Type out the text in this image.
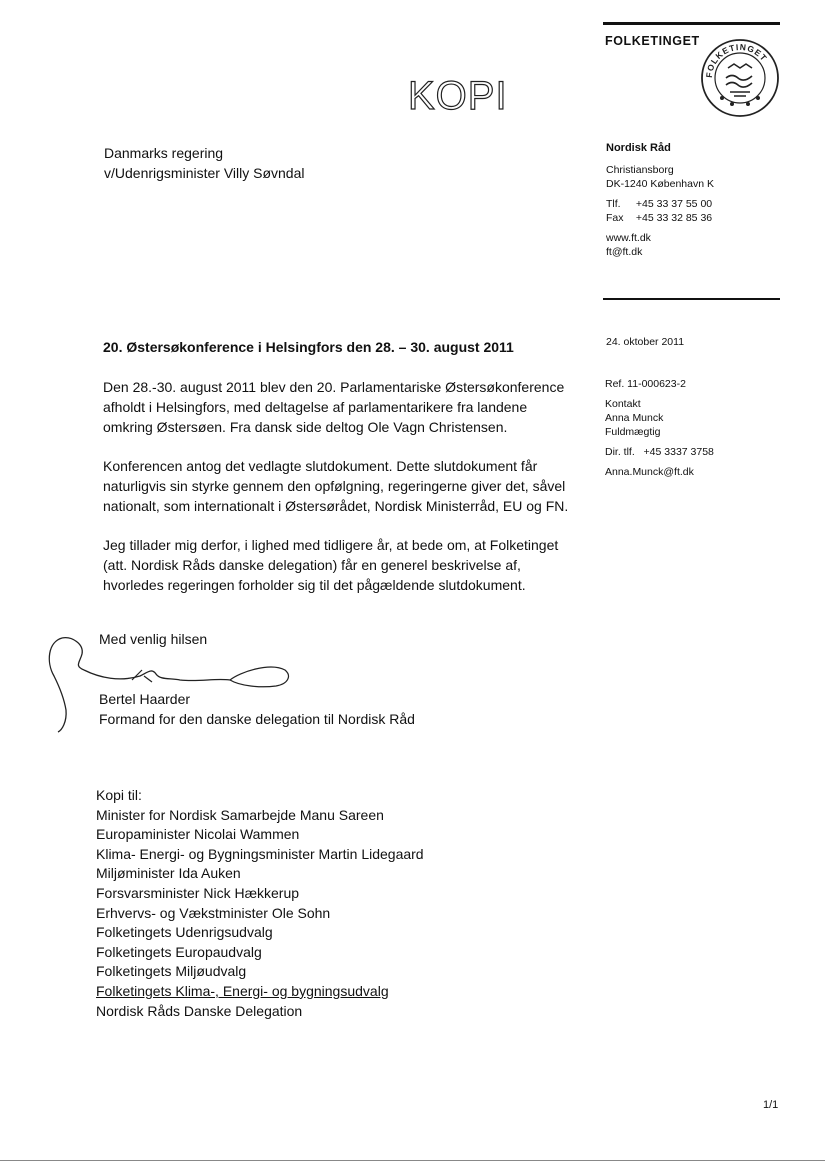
FOLKETINGET
FOLKETINGET
KOPI
Danmarks regering
v/Udenrigsminister Villy Søvndal
Nordisk Råd
Christiansborg
DK-1240 København K
Tlf. +45 33 37 55 00
Fax +45 33 32 85 36
www.ft.dk
ft@ft.dk
20. Østersøkonference i Helsingfors den 28. – 30. august 2011	24. oktober 2011

Den 28.-30. august 2011 blev den 20. Parlamentariske Østersøkonference afholdt i Helsingfors, med deltagelse af parlamentarikere fra landene omkring Østersøen. Fra dansk side deltog Ole Vagn Christensen.

Konferencen antog det vedlagte slutdokument. Dette slutdokument får naturligvis sin styrke gennem den opfølgning, regeringerne giver det, såvel nationalt, som internationalt i Østersørådet, Nordisk Ministerråd, EU og FN.

Jeg tillader mig derfor, i lighed med tidligere år, at bede om, at Folketinget (att. Nordisk Råds danske delegation) får en generel beskrivelse af, hvorledes regeringen forholder sig til det pågældende slutdokument.

Ref. 11-000623-2
Kontakt
Anna Munck
Fuldmægtig
Dir. tlf. +45 3337 3758
Anna.Munck@ft.dk
Med venlig hilsen
Bertel Haarder
Formand for den danske delegation til Nordisk Råd
Kopi til:
Minister for Nordisk Samarbejde Manu Sareen
Europaminister Nicolai Wammen
Klima- Energi- og Bygningsminister Martin Lidegaard
Miljøminister Ida Auken
Forsvarsminister Nick Hækkerup
Erhvervs- og Vækstminister Ole Sohn
Folketingets Udenrigsudvalg
Folketingets Europaudvalg
Folketingets Miljøudvalg
Folketingets Klima-, Energi- og bygningsudvalg
Nordisk Råds Danske Delegation
1/1
